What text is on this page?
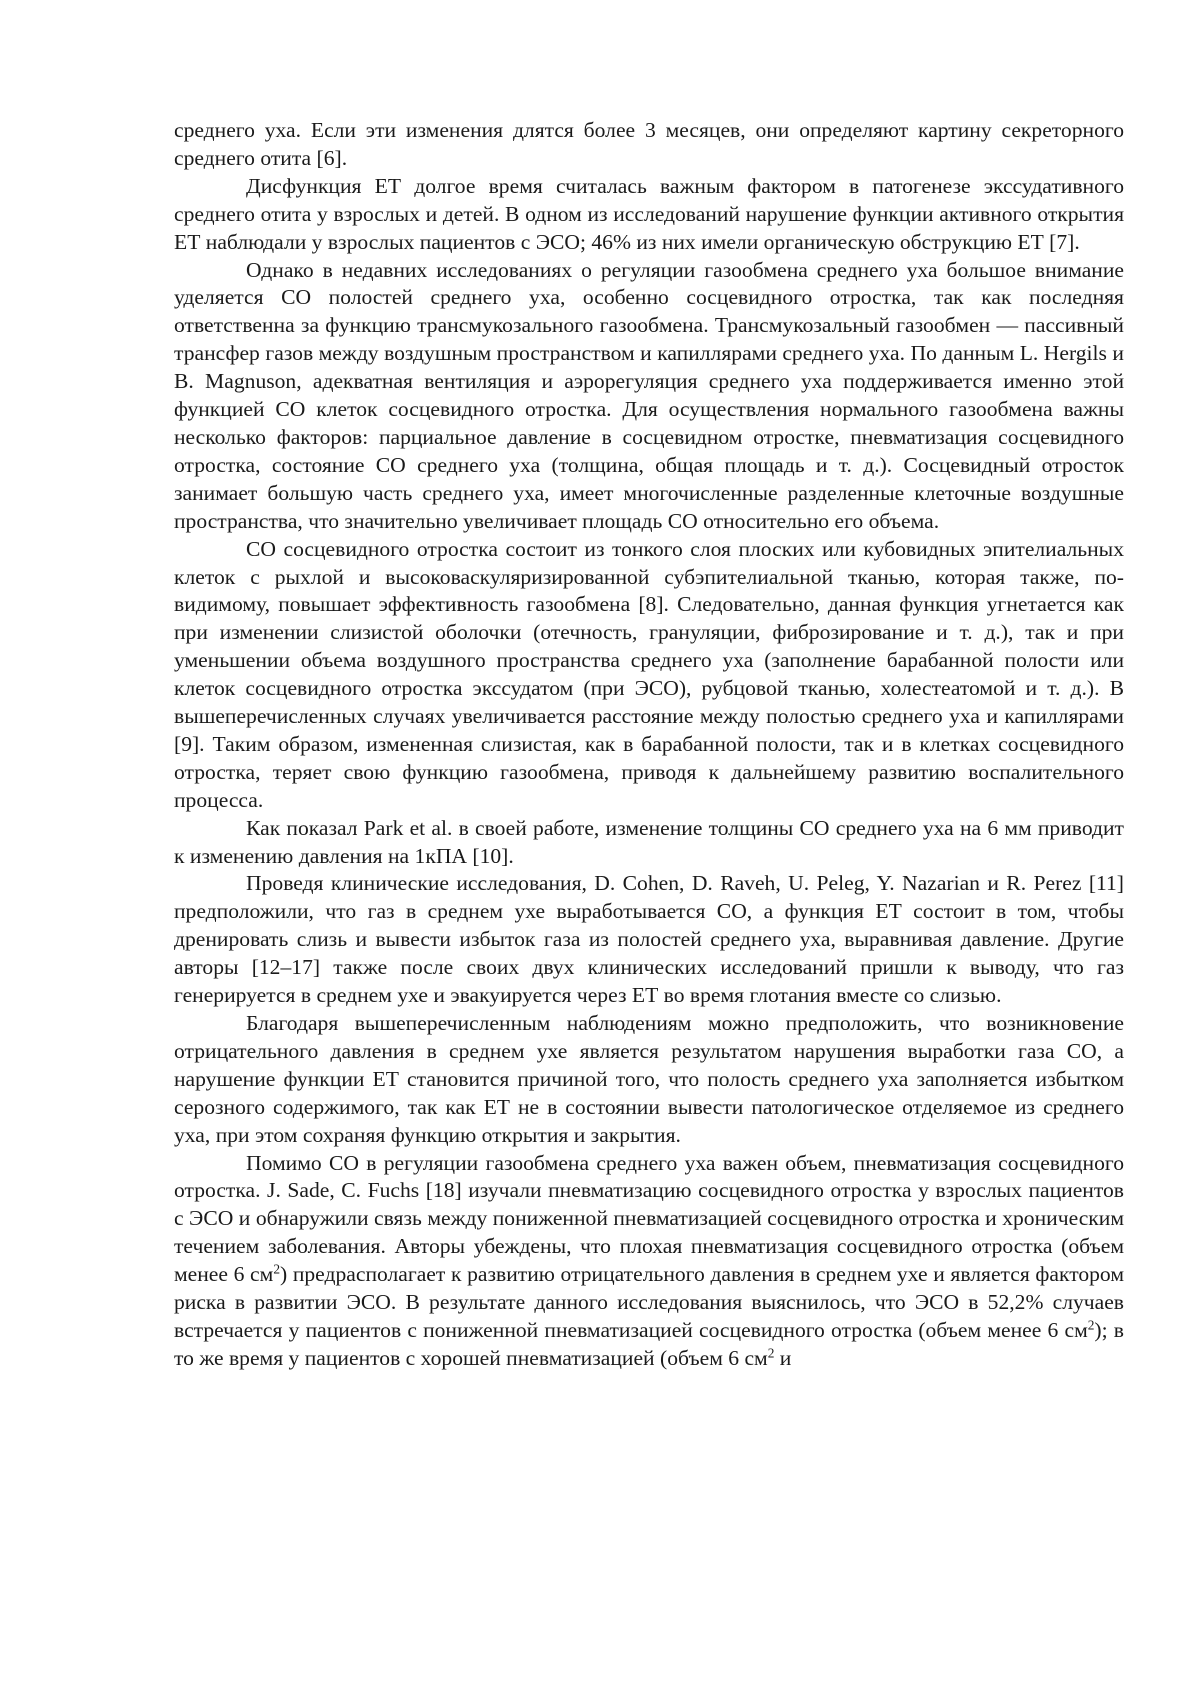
среднего уха. Если эти изменения длятся более 3 месяцев, они определяют картину секреторного среднего отита [6].

Дисфункция ЕТ долгое время считалась важным фактором в патогенезе экссудативного среднего отита у взрослых и детей. В одном из исследований нарушение функции активного открытия ЕТ наблюдали у взрослых пациентов с ЭСО; 46% из них имели органическую обструкцию ЕТ [7].

Однако в недавних исследованиях о регуляции газообмена среднего уха большое внимание уделяется СО полостей среднего уха, особенно сосцевидного отростка, так как последняя ответственна за функцию трансмукозального газообмена. Трансмукозальный газообмен — пассивный трансфер газов между воздушным пространством и капиллярами среднего уха. По данным L. Hergils и B. Magnuson, адекватная вентиляция и аэрорегуляция среднего уха поддерживается именно этой функцией СО клеток сосцевидного отростка. Для осуществления нормального газообмена важны несколько факторов: парциальное давление в сосцевидном отростке, пневматизация сосцевидного отростка, состояние СО среднего уха (толщина, общая площадь и т. д.). Сосцевидный отросток занимает большую часть среднего уха, имеет многочисленные разделенные клеточные воздушные пространства, что значительно увеличивает площадь СО относительно его объема.

СО сосцевидного отростка состоит из тонкого слоя плоских или кубовидных эпителиальных клеток с рыхлой и высоковаскуляризированной субэпителиальной тканью, которая также, по-видимому, повышает эффективность газообмена [8]. Следовательно, данная функция угнетается как при изменении слизистой оболочки (отечность, грануляции, фиброзирование и т. д.), так и при уменьшении объема воздушного пространства среднего уха (заполнение барабанной полости или клеток сосцевидного отростка экссудатом (при ЭСО), рубцовой тканью, холестеатомой и т. д.). В вышеперечисленных случаях увеличивается расстояние между полостью среднего уха и капиллярами [9]. Таким образом, измененная слизистая, как в барабанной полости, так и в клетках сосцевидного отростка, теряет свою функцию газообмена, приводя к дальнейшему развитию воспалительного процесса.

Как показал Park et al. в своей работе, изменение толщины СО среднего уха на 6 мм приводит к изменению давления на 1кПА [10].

Проведя клинические исследования, D. Cohen, D. Raveh, U. Peleg, Y. Nazarian и R. Perez [11] предположили, что газ в среднем ухе выработывается СО, а функция ЕТ состоит в том, чтобы дренировать слизь и вывести избыток газа из полостей среднего уха, выравнивая давление. Другие авторы [12–17] также после своих двух клинических исследований пришли к выводу, что газ генерируется в среднем ухе и эвакуируется через ЕТ во время глотания вместе со слизью.

Благодаря вышеперечисленным наблюдениям можно предположить, что возникновение отрицательного давления в среднем ухе является результатом нарушения выработки газа СО, а нарушение функции ЕТ становится причиной того, что полость среднего уха заполняется избытком серозного содержимого, так как ЕТ не в состоянии вывести патологическое отделяемое из среднего уха, при этом сохраняя функцию открытия и закрытия.

Помимо СО в регуляции газообмена среднего уха важен объем, пневматизация сосцевидного отростка. J. Sade, C. Fuchs [18] изучали пневматизацию сосцевидного отростка у взрослых пациентов с ЭСО и обнаружили связь между пониженной пневматизацией сосцевидного отростка и хроническим течением заболевания. Авторы убеждены, что плохая пневматизация сосцевидного отростка (объем менее 6 $см^2$) предрасполагает к развитию отрицательного давления в среднем ухе и является фактором риска в развитии ЭСО. В результате данного исследования выяснилось, что ЭСО в 52,2% случаев встречается у пациентов с пониженной пневматизацией сосцевидного отростка (объем менее 6 $см^2$); в то же время у пациентов с хорошей пневматизацией (объем 6 $см^2$ и
